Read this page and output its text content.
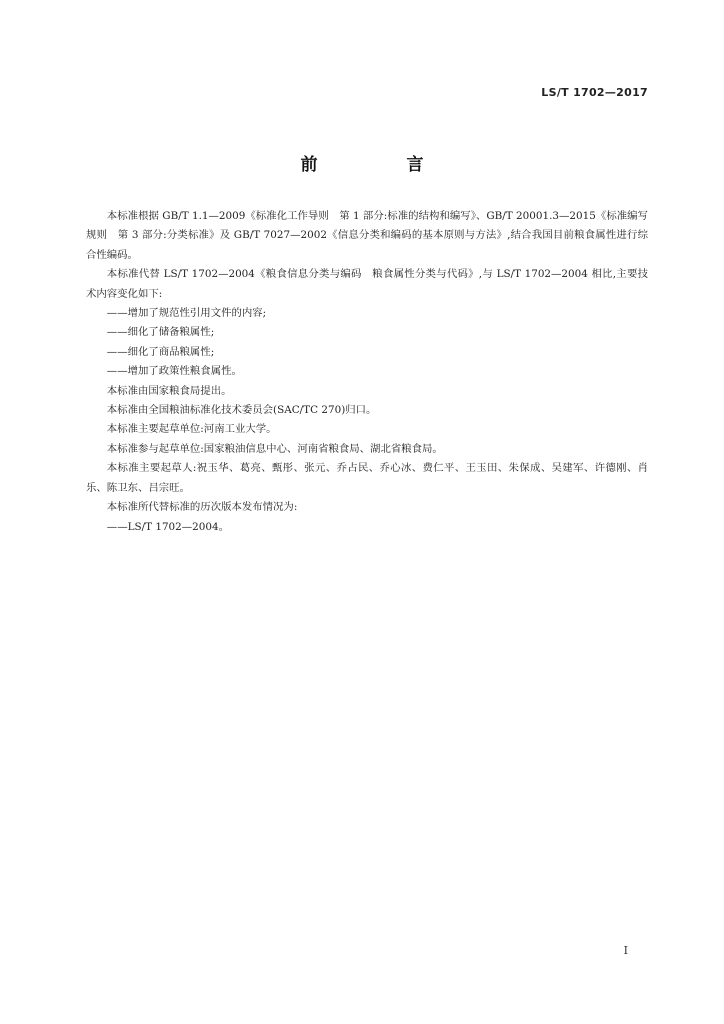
LS/T 1702—2017
前　言

本标准根据 GB/T 1.1—2009《标准化工作导则　第 1 部分:标准的结构和编写》、GB/T 20001.3—2015《标准编写规则　第 3 部分:分类标准》及 GB/T 7027—2002《信息分类和编码的基本原则与方法》,结合我国目前粮食属性进行综合性编码。

本标准代替 LS/T 1702—2004《粮食信息分类与编码　粮食属性分类与代码》,与 LS/T 1702—2004 相比,主要技术内容变化如下:

——增加了规范性引用文件的内容;

——细化了储备粮属性;

——细化了商品粮属性;

——增加了政策性粮食属性。

本标准由国家粮食局提出。

本标准由全国粮油标准化技术委员会(SAC/TC 270)归口。

本标准主要起草单位:河南工业大学。

本标准参与起草单位:国家粮油信息中心、河南省粮食局、湖北省粮食局。

本标准主要起草人:祝玉华、葛亮、甄彤、张元、乔占民、乔心冰、费仁平、王玉田、朱保成、吴建军、许德刚、肖乐、陈卫东、吕宗旺。

本标准所代替标准的历次版本发布情况为:

——LS/T 1702—2004。

I
